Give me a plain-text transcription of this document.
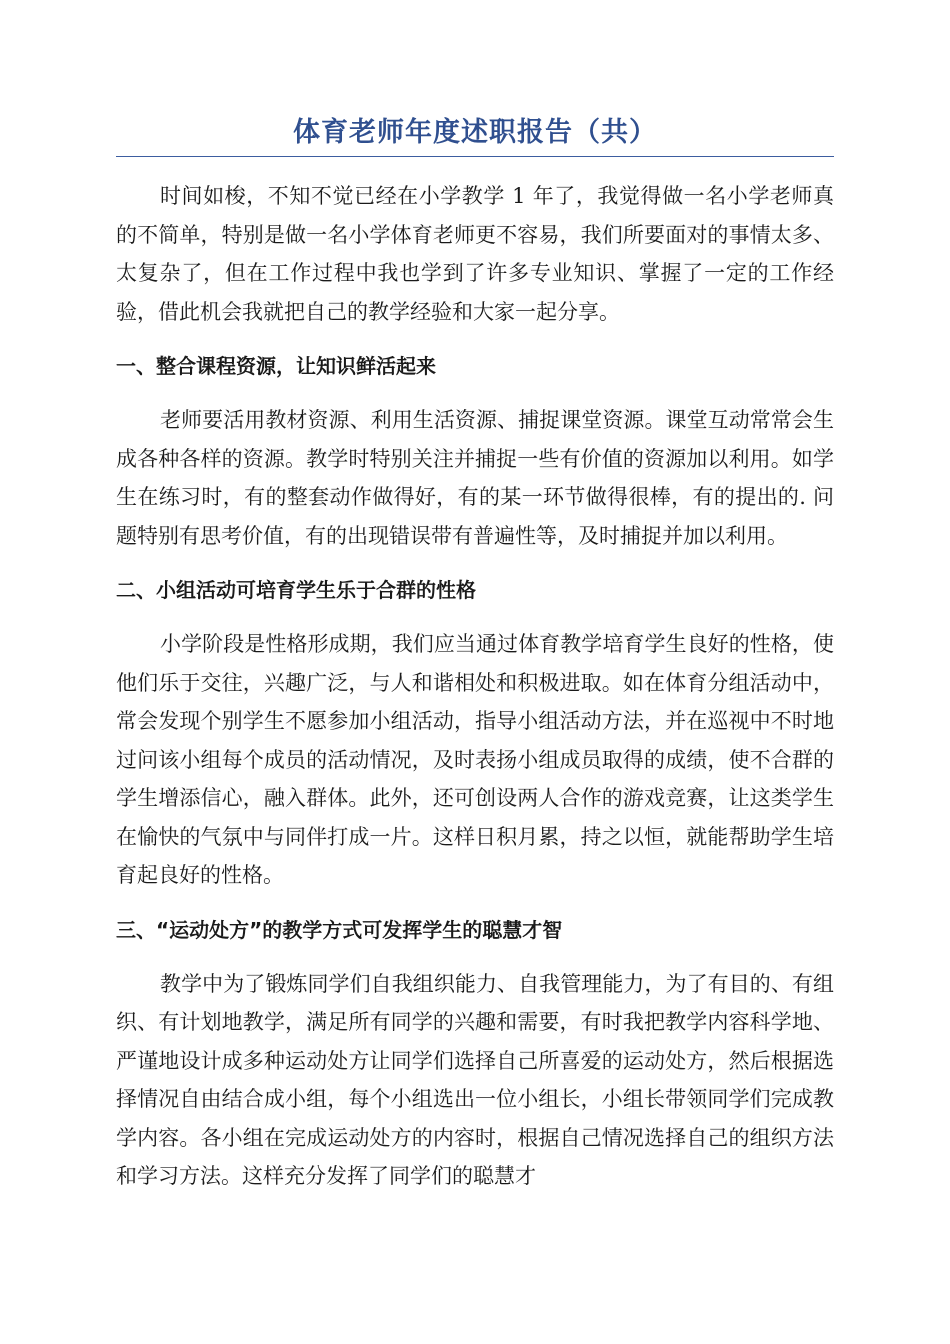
体育老师年度述职报告（共）

时间如梭，不知不觉已经在小学教学 1 年了，我觉得做一名小学老师真的不简单，特别是做一名小学体育老师更不容易，我们所要面对的事情太多、太复杂了，但在工作过程中我也学到了许多专业知识、掌握了一定的工作经验，借此机会我就把自己的教学经验和大家一起分享。

一、整合课程资源，让知识鲜活起来

老师要活用教材资源、利用生活资源、捕捉课堂资源。课堂互动常常会生成各种各样的资源。教学时特别关注并捕捉一些有价值的资源加以利用。如学生在练习时，有的整套动作做得好，有的某一环节做得很棒，有的提出的. 问题特别有思考价值，有的出现错误带有普遍性等，及时捕捉并加以利用。

二、小组活动可培育学生乐于合群的性格

小学阶段是性格形成期，我们应当通过体育教学培育学生良好的性格，使他们乐于交往，兴趣广泛，与人和谐相处和积极进取。如在体育分组活动中，常会发现个别学生不愿参加小组活动，指导小组活动方法，并在巡视中不时地过问该小组每个成员的活动情况，及时表扬小组成员取得的成绩，使不合群的学生增添信心，融入群体。此外，还可创设两人合作的游戏竞赛，让这类学生在愉快的气氛中与同伴打成一片。这样日积月累，持之以恒，就能帮助学生培育起良好的性格。

三、“运动处方”的教学方式可发挥学生的聪慧才智

教学中为了锻炼同学们自我组织能力、自我管理能力，为了有目的、有组织、有计划地教学，满足所有同学的兴趣和需要，有时我把教学内容科学地、严谨地设计成多种运动处方让同学们选择自己所喜爱的运动处方，然后根据选择情况自由结合成小组，每个小组选出一位小组长，小组长带领同学们完成教学内容。各小组在完成运动处方的内容时，根据自己情况选择自己的组织方法和学习方法。这样充分发挥了同学们的聪慧才
